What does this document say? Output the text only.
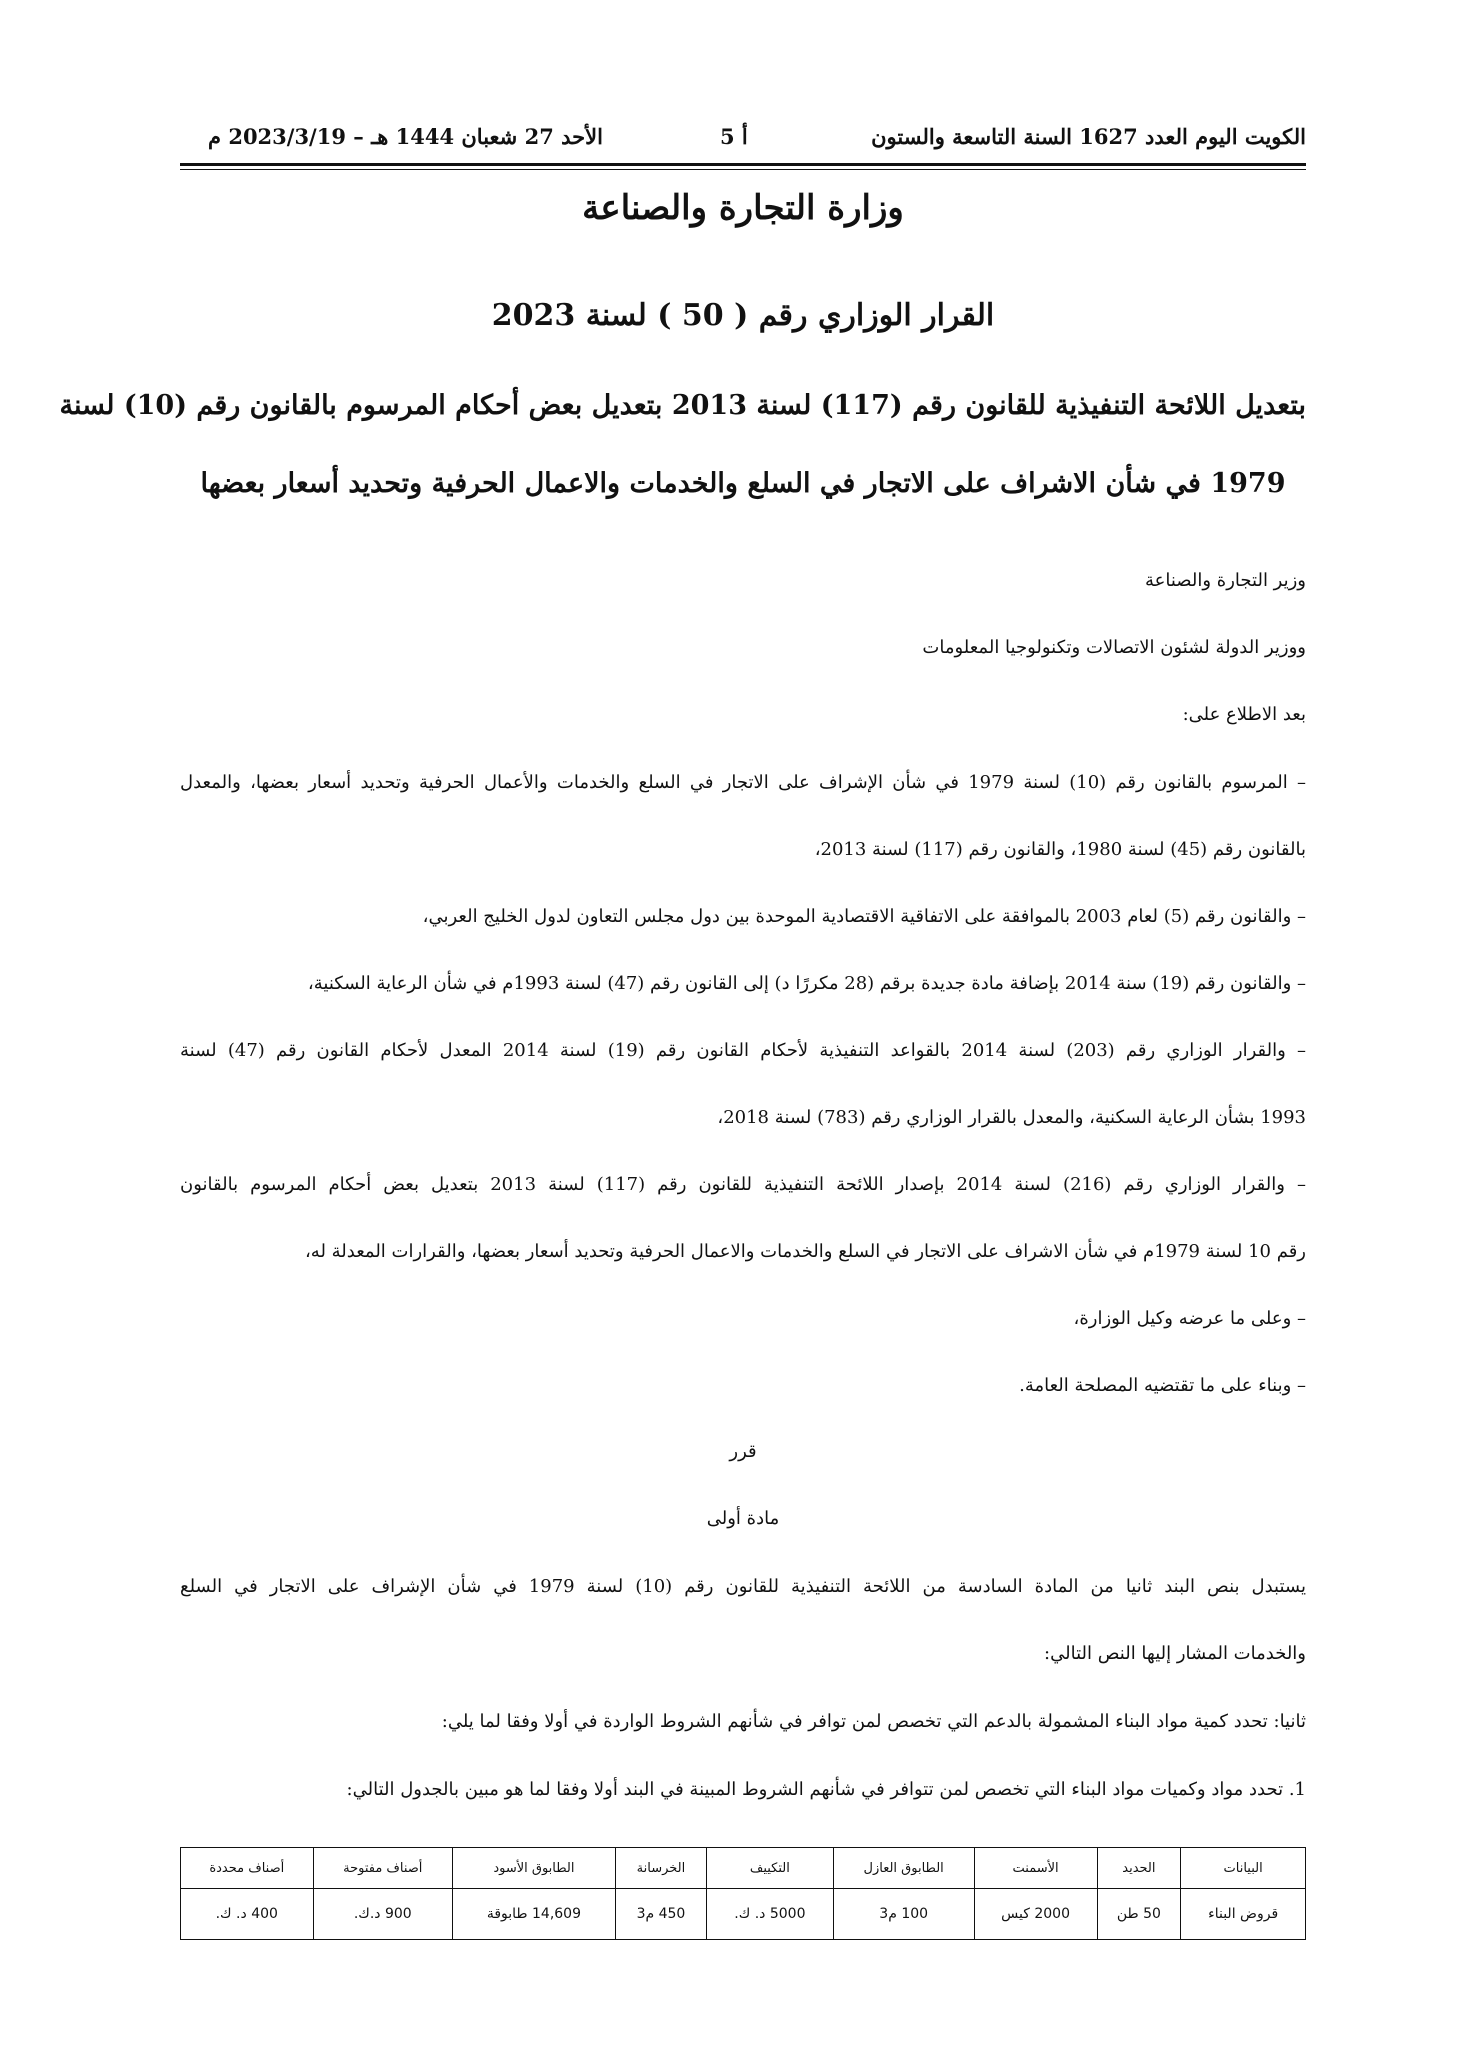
الكويت اليوم العدد 1627 السنة التاسعة والستون
أ 5
الأحد 27 شعبان 1444 هـ – 2023/3/19 م
وزارة التجارة والصناعة
القرار الوزاري رقم ( 50 ) لسنة 2023
بتعديل اللائحة التنفيذية للقانون رقم (117) لسنة 2013 بتعديل بعض أحكام المرسوم بالقانون رقم (10) لسنة
1979 في شأن الاشراف على الاتجار في السلع والخدمات والاعمال الحرفية وتحديد أسعار بعضها
وزير التجارة والصناعة
ووزير الدولة لشئون الاتصالات وتكنولوجيا المعلومات
بعد الاطلاع على:
– المرسوم بالقانون رقم (10) لسنة 1979 في شأن الإشراف على الاتجار في السلع والخدمات والأعمال الحرفية وتحديد أسعار بعضها، والمعدل
بالقانون رقم (45) لسنة 1980، والقانون رقم (117) لسنة 2013،
– والقانون رقم (5) لعام 2003 بالموافقة على الاتفاقية الاقتصادية الموحدة بين دول مجلس التعاون لدول الخليج العربي،
– والقانون رقم (19) سنة 2014 بإضافة مادة جديدة برقم (28 مكررًا د) إلى القانون رقم (47) لسنة 1993م في شأن الرعاية السكنية،
– والقرار الوزاري رقم (203) لسنة 2014 بالقواعد التنفيذية لأحكام القانون رقم (19) لسنة 2014 المعدل لأحكام القانون رقم (47) لسنة
1993 بشأن الرعاية السكنية، والمعدل بالقرار الوزاري رقم (783) لسنة 2018،
– والقرار الوزاري رقم (216) لسنة 2014 بإصدار اللائحة التنفيذية للقانون رقم (117) لسنة 2013 بتعديل بعض أحكام المرسوم بالقانون
رقم 10 لسنة 1979م في شأن الاشراف على الاتجار في السلع والخدمات والاعمال الحرفية وتحديد أسعار بعضها، والقرارات المعدلة له،
– وعلى ما عرضه وكيل الوزارة،
– وبناء على ما تقتضيه المصلحة العامة.
قرر
مادة أولى
يستبدل بنص البند ثانيا من المادة السادسة من اللائحة التنفيذية للقانون رقم (10) لسنة 1979 في شأن الإشراف على الاتجار في السلع
والخدمات المشار إليها النص التالي:
ثانيا: تحدد كمية مواد البناء المشمولة بالدعم التي تخصص لمن توافر في شأنهم الشروط الواردة في أولا وفقا لما يلي:
1. تحدد مواد وكميات مواد البناء التي تخصص لمن تتوافر في شأنهم الشروط المبينة في البند أولا وفقا لما هو مبين بالجدول التالي:
البيانات	الحديد	الأسمنت	الطابوق العازل	التكييف	الخرسانة	الطابوق الأسود	أصناف مفتوحة	أصناف محددة
قروض البناء	50 طن	2000 كيس	100 م3	5000 د. ك.	450 م3	14,609 طابوقة	900 د.ك.	400 د. ك.
